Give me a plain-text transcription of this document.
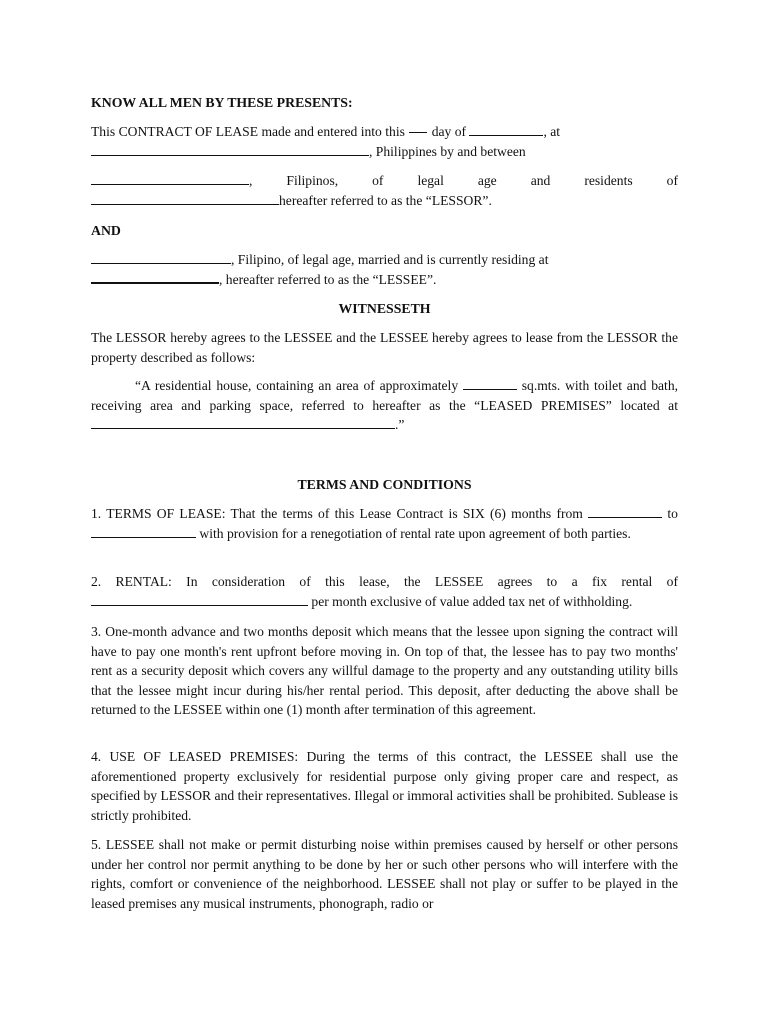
KNOW ALL MEN BY THESE PRESENTS:
This CONTRACT OF LEASE made and entered into this day of	, at
, Philippines by and between
, Filipinos, of legal age and residents of
hereafter referred to as the “LESSOR”.
AND
, Filipino, of legal age, married and is currently residing at
, hereafter referred to as the “LESSEE”.
WITNESSETH
The LESSOR hereby agrees to the LESSEE and the LESSEE hereby agrees to lease from the LESSOR the property described as follows:
“A residential house, containing an area of approximately	sq.mts. with toilet and bath, receiving area and parking space, referred to hereafter as the “LEASED PREMISES” located at .”
TERMS AND CONDITIONS
1. TERMS OF LEASE: That the terms of this Lease Contract is SIX (6) months from	to  with provision for a renegotiation of rental rate upon agreement of both parties.
2. RENTAL: In consideration of this lease, the LESSEE agrees to a fix rental of  per month exclusive of value added tax net of withholding.
3. One-month advance and two months deposit which means that the lessee upon signing the contract will have to pay one month's rent upfront before moving in. On top of that, the lessee has to pay two months' rent as a security deposit which covers any willful damage to the property and any outstanding utility bills that the lessee might incur during his/her rental period. This deposit, after deducting the above shall be returned to the LESSEE within one (1) month after termination of this agreement.
4. USE OF LEASED PREMISES: During the terms of this contract, the LESSEE shall use the aforementioned property exclusively for residential purpose only giving proper care and respect, as specified by LESSOR and their representatives. Illegal or immoral activities shall be prohibited. Sublease is strictly prohibited.
5. LESSEE shall not make or permit disturbing noise within premises caused by herself or other persons under her control nor permit anything to be done by her or such other persons who will interfere with the rights, comfort or convenience of the neighborhood. LESSEE shall not play or suffer to be played in the leased premises any musical instruments, phonograph, radio or
